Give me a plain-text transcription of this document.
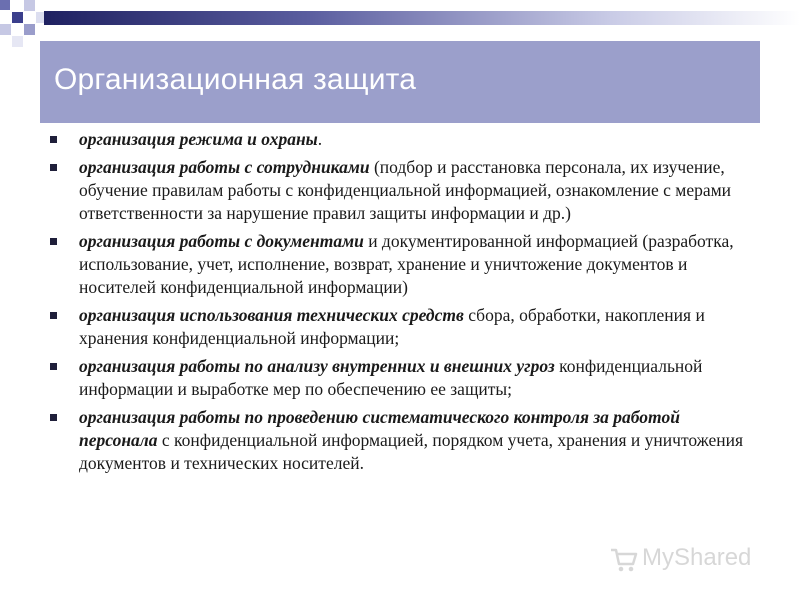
Организационная защита
организация режима и охраны.
организация работы с сотрудниками (подбор и расстановка персонала, их изучение, обучение правилам работы с конфиденциальной информацией, ознакомление с мерами ответственности за нарушение правил защиты информации и др.)
организация работы с документами и документированной информацией (разработка, использование, учет, исполнение, возврат, хранение и уничтожение документов и носителей конфиденциальной информации)
организация использования технических средств сбора, обработки, накопления и хранения конфиденциальной информации;
организация работы по анализу внутренних и внешних угроз конфиденциальной информации и выработке мер по обеспечению ее защиты;
организация работы по проведению систематического контроля за работой персонала с конфиденциальной информацией, порядком учета, хранения и уничтожения документов и технических носителей.
MyShared
